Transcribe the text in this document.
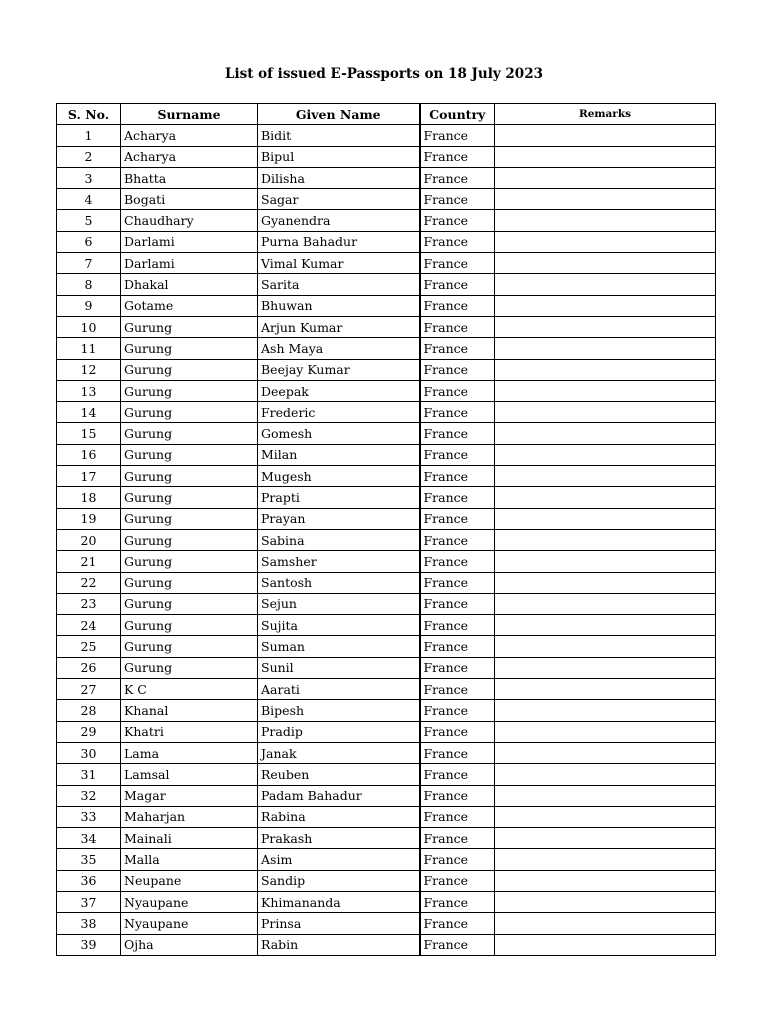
List of issued E-Passports on 18 July 2023
S. No.	Surname	Given Name	Country	Remarks
1	Acharya	Bidit	France	
2	Acharya	Bipul	France	
3	Bhatta	Dilisha	France	
4	Bogati	Sagar	France	
5	Chaudhary	Gyanendra	France	
6	Darlami	Purna Bahadur	France	
7	Darlami	Vimal Kumar	France	
8	Dhakal	Sarita	France	
9	Gotame	Bhuwan	France	
10	Gurung	Arjun Kumar	France	
11	Gurung	Ash Maya	France	
12	Gurung	Beejay Kumar	France	
13	Gurung	Deepak	France	
14	Gurung	Frederic	France	
15	Gurung	Gomesh	France	
16	Gurung	Milan	France	
17	Gurung	Mugesh	France	
18	Gurung	Prapti	France	
19	Gurung	Prayan	France	
20	Gurung	Sabina	France	
21	Gurung	Samsher	France	
22	Gurung	Santosh	France	
23	Gurung	Sejun	France	
24	Gurung	Sujita	France	
25	Gurung	Suman	France	
26	Gurung	Sunil	France	
27	K C	Aarati	France	
28	Khanal	Bipesh	France	
29	Khatri	Pradip	France	
30	Lama	Janak	France	
31	Lamsal	Reuben	France	
32	Magar	Padam Bahadur	France	
33	Maharjan	Rabina	France	
34	Mainali	Prakash	France	
35	Malla	Asim	France	
36	Neupane	Sandip	France	
37	Nyaupane	Khimananda	France	
38	Nyaupane	Prinsa	France	
39	Ojha	Rabin	France	
